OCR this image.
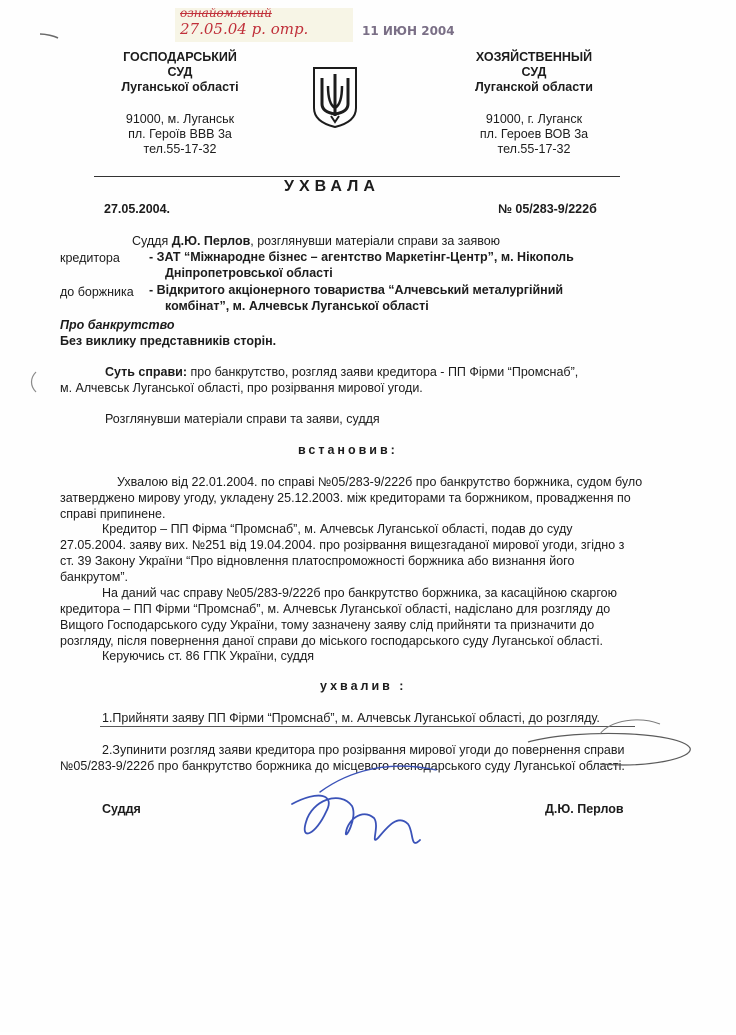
ознайомлений
27.05.04 р. отр.	11 ИЮН 2004
ГОСПОДАРСЬКИЙ
СУД
Луганської області
91000, м. Луганськ
пл. Героїв ВВВ 3а
тел.55-17-32
ХОЗЯЙСТВЕННЫЙ
СУД
Луганской области
91000, г. Луганск
пл. Героев ВОВ 3а
тел.55-17-32
УХВАЛА
27.05.2004.	№ 05/283-9/222б
Суддя Д.Ю. Перлов, розглянувши матеріали справи за заявою
кредитора - ЗАТ “Міжнародне бізнес – агентство Маркетінг-Центр”, м. Нікополь
Дніпропетровської області
до боржника - Відкритого акціонерного товариства “Алчевський металургійний
комбінат”, м. Алчевськ Луганської області
Про банкрутство
Без виклику представників сторін.
Суть справи: про банкрутство, розгляд заяви кредитора - ПП Фірми “Промснаб”,
м. Алчевськ Луганської області, про розірвання мирової угоди.
Розглянувши матеріали справи та заяви, суддя
встановив:
Ухвалою від 22.01.2004. по справі №05/283-9/222б про банкрутство боржника, судом було
затверджено мирову угоду, укладену 25.12.2003. між кредиторами та боржником, провадження по
справі припинене.
Кредитор – ПП Фірма “Промснаб”, м. Алчевськ Луганської області, подав до суду
27.05.2004. заяву вих. №251 від 19.04.2004. про розірвання вищезгаданої мирової угоди, згідно з
ст. 39 Закону України “Про відновлення платоспроможності боржника або визнання його
банкрутом”.
На даний час справу №05/283-9/222б про банкрутство боржника, за касаційною скаргою
кредитора – ПП Фірми “Промснаб”, м. Алчевськ Луганської області, надіслано для розгляду до
Вищого Господарського суду України, тому зазначену заяву слід прийняти та призначити до
розгляду, після повернення даної справи до міського господарського суду Луганської області.
Керуючись ст. 86 ГПК України, суддя
ухвалив :
1.Прийняти заяву ПП Фірми “Промснаб”, м. Алчевськ Луганської області, до розгляду.
2.Зупинити розгляд заяви кредитора про розірвання мирової угоди до повернення справи
№05/283-9/222б про банкрутство боржника до місцевого господарського суду Луганської області.
Суддя	Д.Ю. Перлов
